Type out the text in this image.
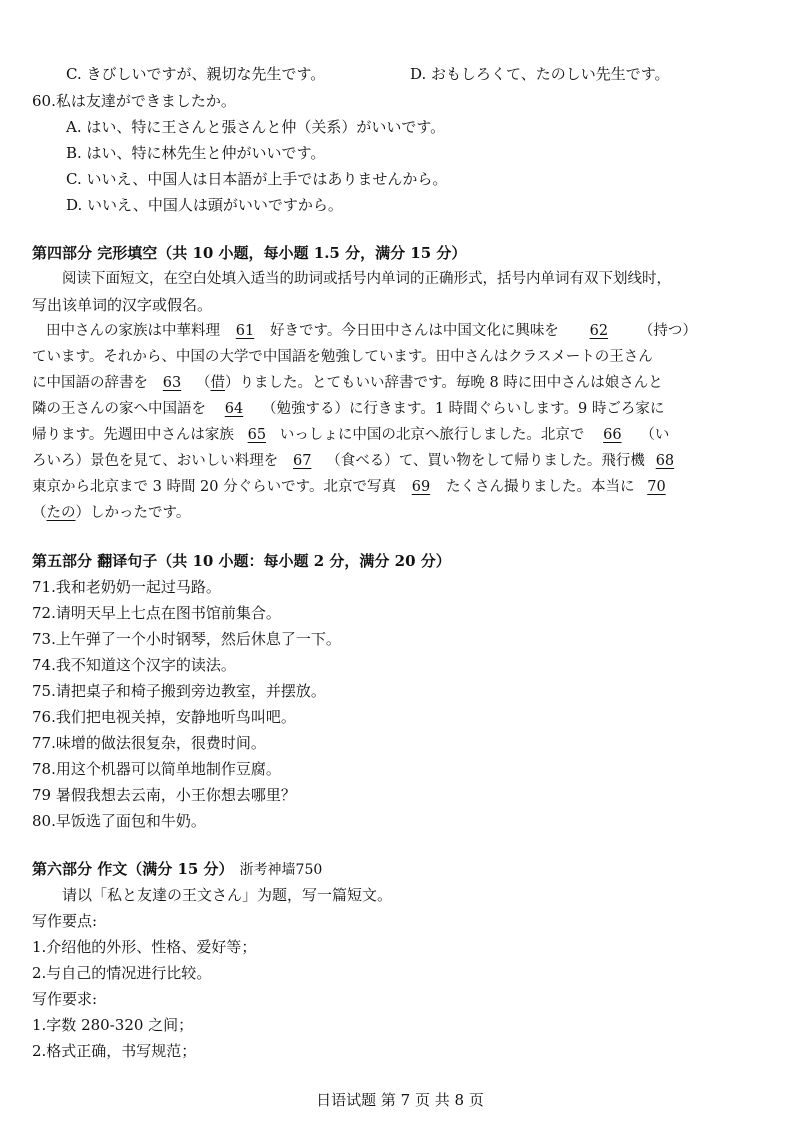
C. きびしいですが、親切な先生です。	D. おもしろくて、たのしい先生です。
60.私は友達ができましたか。
A. はい、特に王さんと張さんと仲（关系）がいいです。
B. はい、特に林先生と仲がいいです。
C. いいえ、中国人は日本語が上手ではありませんから。
D. いいえ、中国人は頭がいいですから。
第四部分 完形填空（共 10 小题，每小题 1.5 分，满分 15 分）
阅读下面短文，在空白处填入适当的助词或括号内单词的正确形式，括号内单词有双下划线时，
写出该单词的汉字或假名。
田中さんの家族は中華料理 61 好きです。今日田中さんは中国文化に興味を 62 （持つ）
ています。それから、中国の大学で中国語を勉強しています。田中さんはクラスメートの王さん
に中国語の辞書を 63 （借）りました。とてもいい辞書です。毎晩 8 時に田中さんは娘さんと
隣の王さんの家へ中国語を 64 （勉強する）に行きます。1 時間ぐらいします。9 時ごろ家に
帰ります。先週田中さんは家族 65 いっしょに中国の北京へ旅行しました。北京で 66 （い
ろいろ）景色を見て、おいしい料理を 67 （食べる）て、買い物をして帰りました。飛行機 68
東京から北京まで 3 時間 20 分ぐらいです。北京で写真 69 たくさん撮りました。本当に 70
（たの）しかったです。
第五部分 翻译句子（共 10 小题：每小题 2 分，满分 20 分）
71.我和老奶奶一起过马路。
72.请明天早上七点在图书馆前集合。
73.上午弹了一个小时钢琴，然后休息了一下。
74.我不知道这个汉字的读法。
75.请把桌子和椅子搬到旁边教室，并摆放。
76.我们把电视关掉，安静地听鸟叫吧。
77.味增的做法很复杂，很费时间。
78.用这个机器可以简单地制作豆腐。
79 暑假我想去云南，小王你想去哪里？
80.早饭选了面包和牛奶。
第六部分 作文（满分 15 分） 浙考神墙750
请以「私と友達の王文さん」为题，写一篇短文。
写作要点:
1.介绍他的外形、性格、爱好等；
2.与自己的情况进行比较。
写作要求:
1.字数 280-320 之间；
2.格式正确，书写规范；
日语试题 第 7 页 共 8 页
